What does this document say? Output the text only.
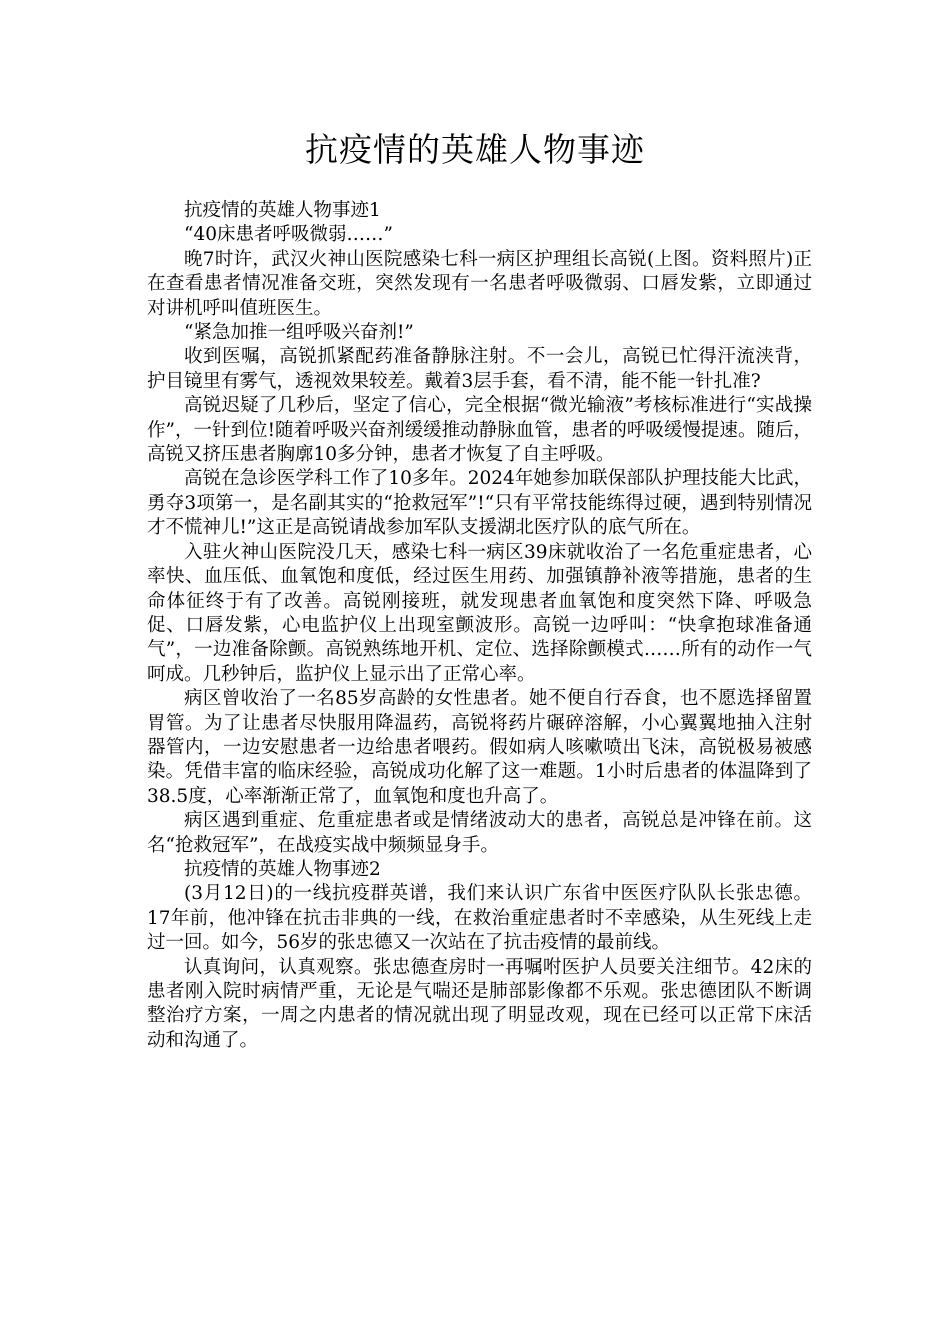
抗疫情的英雄人物事迹

抗疫情的英雄人物事迹1

“40床患者呼吸微弱……”

晚7时许，武汉火神山医院感染七科一病区护理组长高锐(上图。资料照片)正在查看患者情况准备交班，突然发现有一名患者呼吸微弱、口唇发紫，立即通过对讲机呼叫值班医生。

“紧急加推一组呼吸兴奋剂!”

收到医嘱，高锐抓紧配药准备静脉注射。不一会儿，高锐已忙得汗流浃背，护目镜里有雾气，透视效果较差。戴着3层手套，看不清，能不能一针扎准?

高锐迟疑了几秒后，坚定了信心，完全根据“微光输液”考核标准进行“实战操作”，一针到位!随着呼吸兴奋剂缓缓推动静脉血管，患者的呼吸缓慢提速。随后，高锐又挤压患者胸廓10多分钟，患者才恢复了自主呼吸。

高锐在急诊医学科工作了10多年。2024年她参加联保部队护理技能大比武，勇夺3项第一，是名副其实的“抢救冠军”!“只有平常技能练得过硬，遇到特别情况才不慌神儿!”这正是高锐请战参加军队支援湖北医疗队的底气所在。

入驻火神山医院没几天，感染七科一病区39床就收治了一名危重症患者，心率快、血压低、血氧饱和度低，经过医生用药、加强镇静补液等措施，患者的生命体征终于有了改善。高锐刚接班，就发现患者血氧饱和度突然下降、呼吸急促、口唇发紫，心电监护仪上出现室颤波形。高锐一边呼叫：“快拿抱球准备通气”，一边准备除颤。高锐熟练地开机、定位、选择除颤模式……所有的动作一气呵成。几秒钟后，监护仪上显示出了正常心率。

病区曾收治了一名85岁高龄的女性患者。她不便自行吞食，也不愿选择留置胃管。为了让患者尽快服用降温药，高锐将药片碾碎溶解，小心翼翼地抽入注射器管内，一边安慰患者一边给患者喂药。假如病人咳嗽喷出飞沫，高锐极易被感染。凭借丰富的临床经验，高锐成功化解了这一难题。1小时后患者的体温降到了38.5度，心率渐渐正常了，血氧饱和度也升高了。

病区遇到重症、危重症患者或是情绪波动大的患者，高锐总是冲锋在前。这名“抢救冠军”，在战疫实战中频频显身手。

抗疫情的英雄人物事迹2

(3月12日)的一线抗疫群英谱，我们来认识广东省中医医疗队队长张忠德。17年前，他冲锋在抗击非典的一线，在救治重症患者时不幸感染，从生死线上走过一回。如今，56岁的张忠德又一次站在了抗击疫情的最前线。

认真询问，认真观察。张忠德查房时一再嘱咐医护人员要关注细节。42床的患者刚入院时病情严重，无论是气喘还是肺部影像都不乐观。张忠德团队不断调整治疗方案，一周之内患者的情况就出现了明显改观，现在已经可以正常下床活动和沟通了。
